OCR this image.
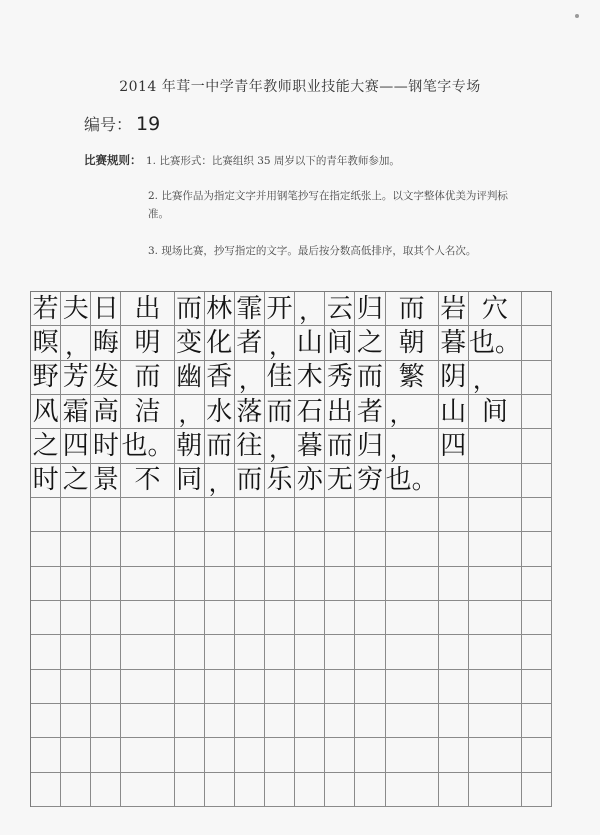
2014 年茸一中学青年教师职业技能大赛——钢笔字专场
编号： 19
比赛规则： 1. 比赛形式：比赛组织 35 周岁以下的青年教师参加。
2. 比赛作品为指定文字并用钢笔抄写在指定纸张上。以文字整体优美为评判标准。
3. 现场比赛，抄写指定的文字。最后按分数高低排序，取其个人名次。
若 夫 日 出 而 林 霏 开 ， 云 归 而 岩 穴
暝 ， 晦 明 变 化 者 ， 山 间 之 朝 暮 也。
野 芳 发 而 幽 香 ， 佳 木 秀 而 繁 阴 ，
风 霜 高 洁 ， 水 落 而 石 出 者 ，	山 间
之 四 时 也。 朝 而 往 ， 暮 而 归 ，	四
时 之 景 不 同 ， 而 乐 亦 无 穷 也。
